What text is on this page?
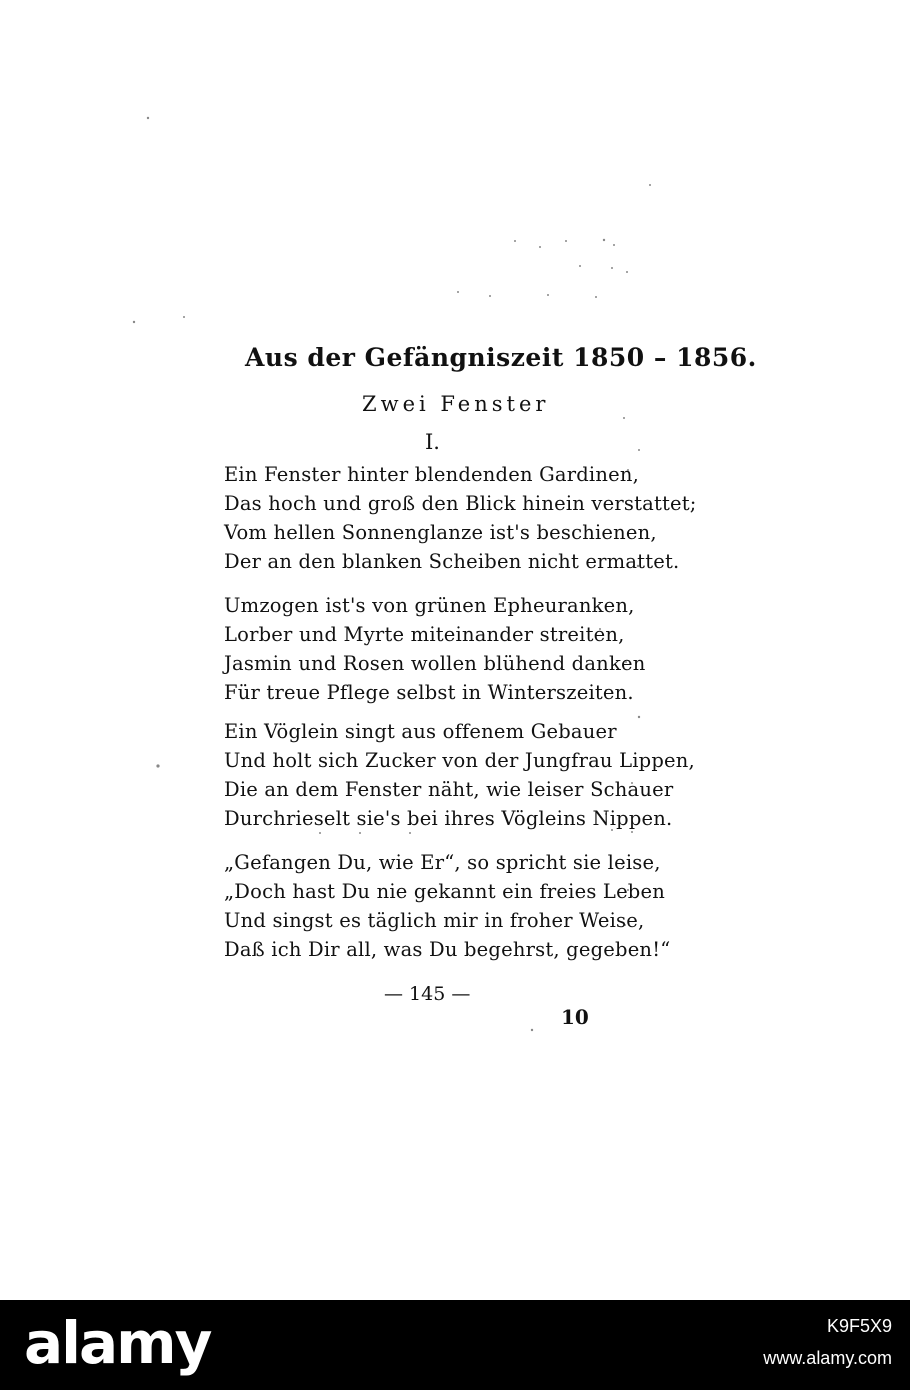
Aus der Gefängniszeit 1850 – 1856.
Zwei Fenster
I.
Ein Fenster hinter blendenden Gardinen,
Das hoch und groß den Blick hinein verstattet;
Vom hellen Sonnenglanze ist's beschienen,
Der an den blanken Scheiben nicht ermattet.
Umzogen ist's von grünen Epheuranken,
Lorber und Myrte miteinander streiten,
Jasmin und Rosen wollen blühend danken
Für treue Pflege selbst in Winterszeiten.
Ein Vöglein singt aus offenem Gebauer
Und holt sich Zucker von der Jungfrau Lippen,
Die an dem Fenster näht, wie leiser Schauer
Durchrieselt sie's bei ihres Vögleins Nippen.
„Gefangen Du, wie Er“, so spricht sie leise,
„Doch hast Du nie gekannt ein freies Leben
Und singst es täglich mir in froher Weise,
Daß ich Dir all, was Du begehrst, gegeben!“
— 145 —
10
alamy	K9F5X9
www.alamy.com
